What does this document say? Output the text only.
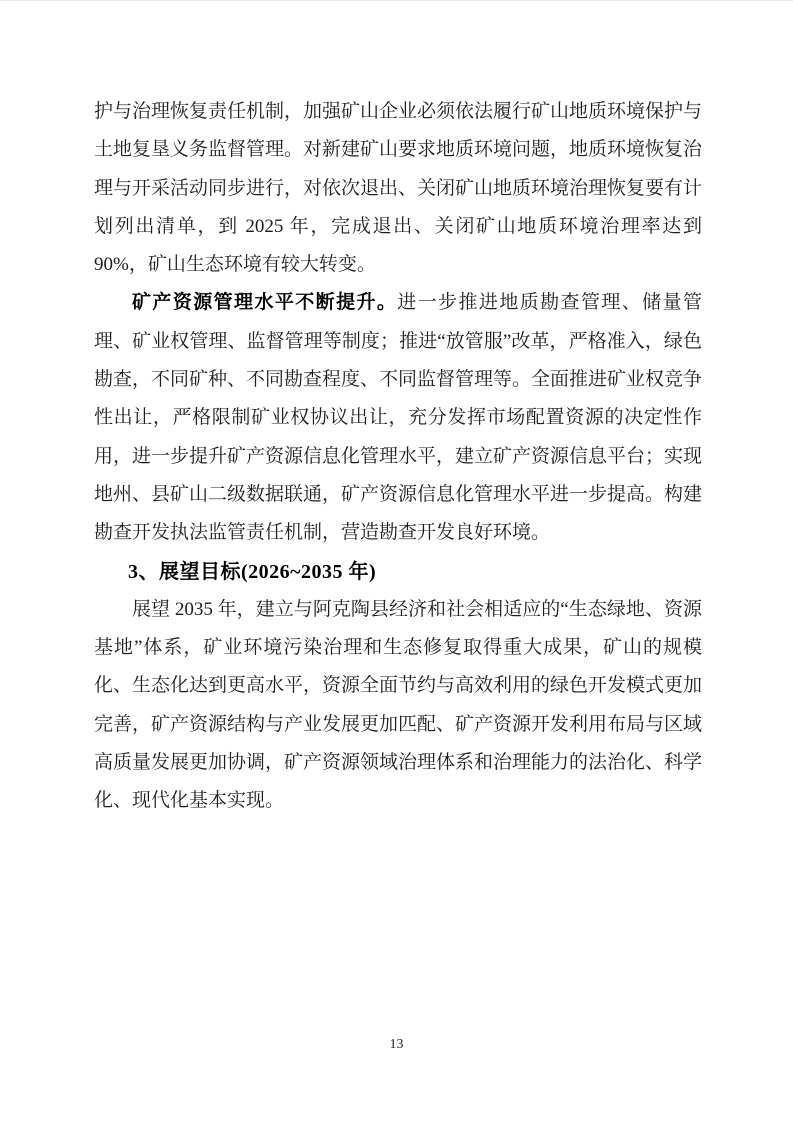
护与治理恢复责任机制，加强矿山企业必须依法履行矿山地质环境保护与土地复垦义务监督管理。对新建矿山要求地质环境问题，地质环境恢复治理与开采活动同步进行，对依次退出、关闭矿山地质环境治理恢复要有计划列出清单，到 2025 年，完成退出、关闭矿山地质环境治理率达到 90%，矿山生态环境有较大转变。

矿产资源管理水平不断提升。进一步推进地质勘查管理、储量管理、矿业权管理、监督管理等制度；推进“放管服”改革，严格准入，绿色勘查，不同矿种、不同勘查程度、不同监督管理等。全面推进矿业权竞争性出让，严格限制矿业权协议出让，充分发挥市场配置资源的决定性作用，进一步提升矿产资源信息化管理水平，建立矿产资源信息平台；实现地州、县矿山二级数据联通，矿产资源信息化管理水平进一步提高。构建勘查开发执法监管责任机制，营造勘查开发良好环境。

3、展望目标(2026~2035 年)

展望 2035 年，建立与阿克陶县经济和社会相适应的“生态绿地、资源基地”体系，矿业环境污染治理和生态修复取得重大成果，矿山的规模化、生态化达到更高水平，资源全面节约与高效利用的绿色开发模式更加完善，矿产资源结构与产业发展更加匹配、矿产资源开发利用布局与区域高质量发展更加协调，矿产资源领域治理体系和治理能力的法治化、科学化、现代化基本实现。

13
